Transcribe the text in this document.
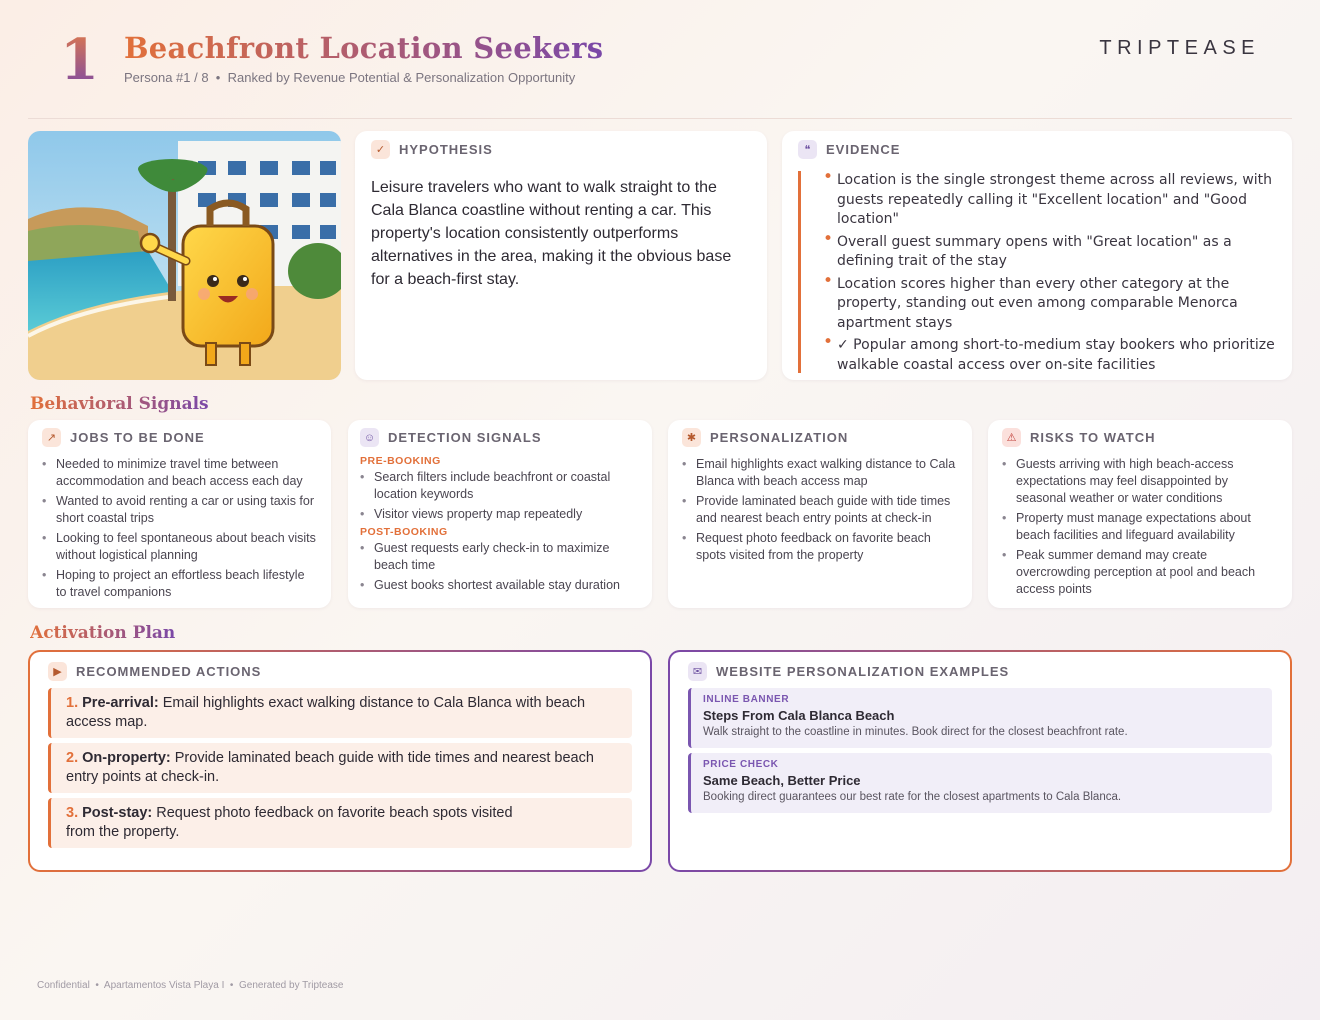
1 Beachfront Location Seekers
Persona #1 / 8 • Ranked by Revenue Potential & Personalization Opportunity
TRIPTEASE
✓	HYPOTHESIS

Leisure travelers who want to walk straight to the Cala Blanca coastline without renting a car. This property's location consistently outperforms alternatives in the area, making it the obvious base for a beach-first stay.

❝	EVIDENCE
• Location is the single strongest theme across all reviews, with guests repeatedly calling it "Excellent location" and "Good location"
• Overall guest summary opens with "Great location" as a defining trait of the stay
• Location scores higher than every other category at the property, standing out even among comparable Menorca apartment stays
• ✓ Popular among short-to-medium stay bookers who prioritize walkable coastal access over on-site facilities
Behavioral Signals
↗	JOBS TO BE DONE
• Needed to minimize travel time between accommodation and beach access each day
• Wanted to avoid renting a car or using taxis for short coastal trips
• Looking to feel spontaneous about beach visits without logistical planning
• Hoping to project an effortless beach lifestyle to travel companions
☺ DETECTION SIGNALS
PRE-BOOKING
• Search filters include beachfront or coastal location keywords
• Visitor views property map repeatedly
POST-BOOKING
• Guest requests early check-in to maximize beach time
• Guest books shortest available stay duration
✱	PERSONALIZATION
• Email highlights exact walking distance to Cala Blanca with beach access map
• Provide laminated beach guide with tide times and nearest beach entry points at check-in
• Request photo feedback on favorite beach spots visited from the property
⚠	RISKS TO WATCH
• Guests arriving with high beach-access expectations may feel disappointed by seasonal weather or water conditions
• Property must manage expectations about beach facilities and lifeguard availability
• Peak summer demand may create overcrowding perception at pool and beach access points
Activation Plan
▶	RECOMMENDED ACTIONS
1. Pre-arrival: Email highlights exact walking distance to Cala Blanca with beach access map.
2. On-property: Provide laminated beach guide with tide times and nearest beach entry points at check-in.
3. Post-stay: Request photo feedback on favorite beach spots visited from the property.
✉	WEBSITE PERSONALIZATION EXAMPLES
INLINE BANNER
Steps From Cala Blanca Beach
Walk straight to the coastline in minutes. Book direct for the closest beachfront rate.
PRICE CHECK
Same Beach, Better Price
Booking direct guarantees our best rate for the closest apartments to Cala Blanca.
Confidential • Apartamentos Vista Playa I • Generated by Triptease
